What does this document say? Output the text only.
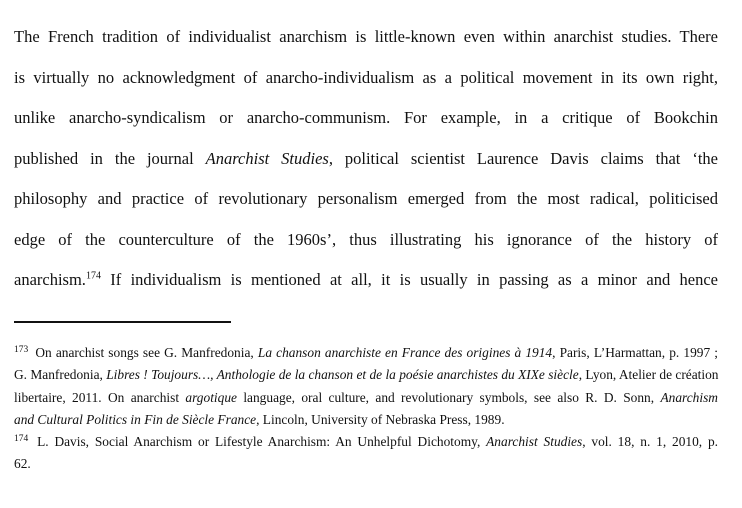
The French tradition of individualist anarchism is little-known even within anarchist studies. There
is virtually no acknowledgment of anarcho-individualism as a political movement in its own right,
unlike anarcho-syndicalism or anarcho-communism. For example, in a critique of Bookchin
published in the journal Anarchist Studies, political scientist Laurence Davis claims that ‘the
philosophy and practice of revolutionary personalism emerged from the most radical, politicised
edge of the counterculture of the 1960s’, thus illustrating his ignorance of the history of
anarchism.$^{174}$ If individualism is mentioned at all, it is usually in passing as a minor and hence
$^{173}$ On anarchist songs see G. Manfredonia, La chanson anarchiste en France des origines à 1914, Paris, L’Harmattan, p. 1997 ;
G. Manfredonia, Libres ! Toujours…, Anthologie de la chanson et de la poésie anarchistes du XIXe siècle, Lyon, Atelier de création
libertaire, 2011. On anarchist argotique language, oral culture, and revolutionary symbols, see also R. D. Sonn, Anarchism
and Cultural Politics in Fin de Siècle France, Lincoln, University of Nebraska Press, 1989.
$^{174}$ L. Davis, Social Anarchism or Lifestyle Anarchism: An Unhelpful Dichotomy, Anarchist Studies, vol. 18, n. 1, 2010, p.
62.
